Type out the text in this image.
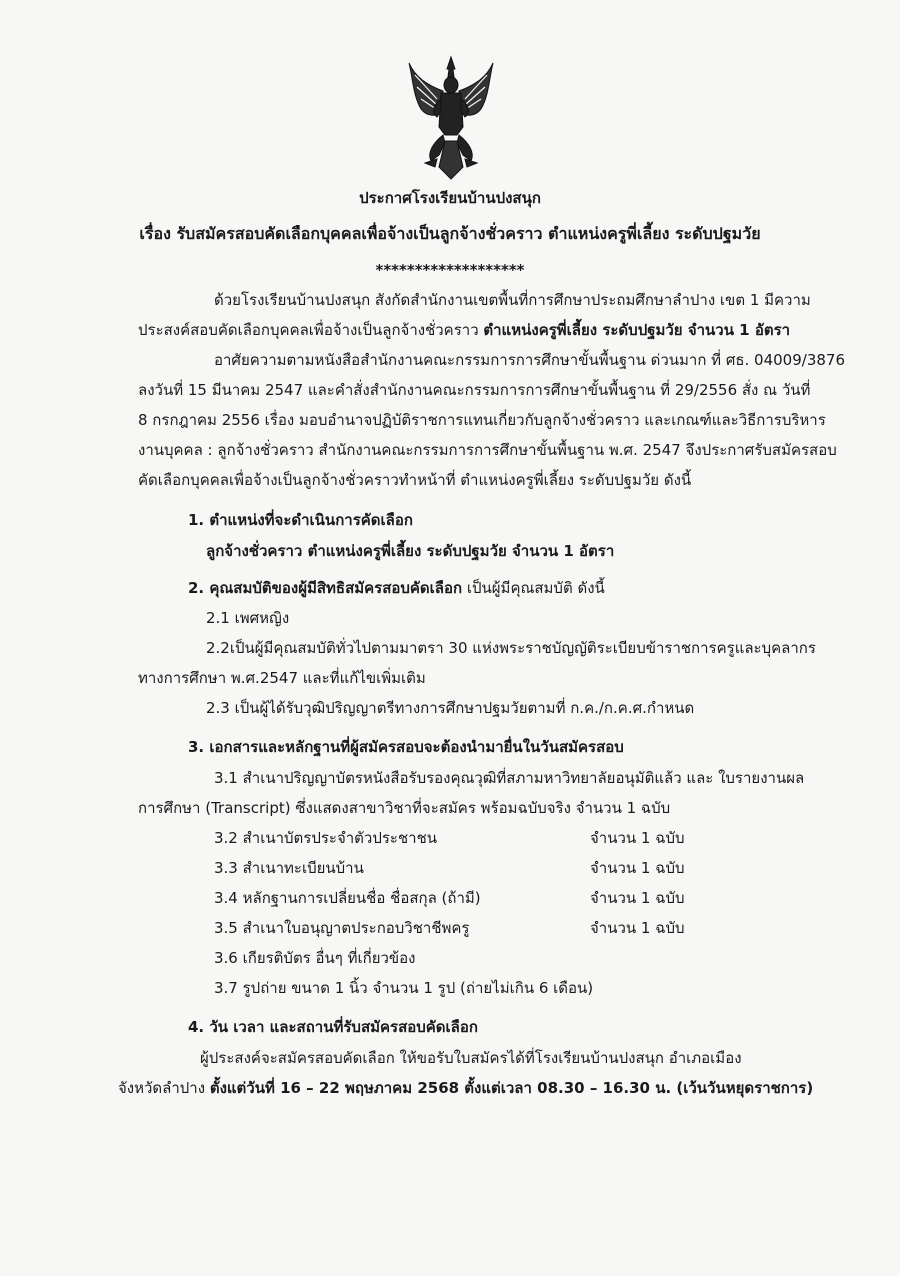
ประกาศโรงเรียนบ้านปงสนุก
เรื่อง รับสมัครสอบคัดเลือกบุคคลเพื่อจ้างเป็นลูกจ้างชั่วคราว ตำแหน่งครูพี่เลี้ยง ระดับปฐมวัย
*******************
ด้วยโรงเรียนบ้านปงสนุก สังกัดสำนักงานเขตพื้นที่การศึกษาประถมศึกษาลำปาง เขต 1 มีความ
ประสงค์สอบคัดเลือกบุคคลเพื่อจ้างเป็นลูกจ้างชั่วคราว ตำแหน่งครูพี่เลี้ยง ระดับปฐมวัย จำนวน 1 อัตรา
อาศัยความตามหนังสือสำนักงานคณะกรรมการการศึกษาขั้นพื้นฐาน ด่วนมาก ที่ ศธ. 04009/3876
ลงวันที่ 15 มีนาคม 2547 และคำสั่งสำนักงานคณะกรรมการการศึกษาขั้นพื้นฐาน ที่ 29/2556 สั่ง ณ วันที่
8 กรกฎาคม 2556 เรื่อง มอบอำนาจปฏิบัติราชการแทนเกี่ยวกับลูกจ้างชั่วคราว และเกณฑ์และวิธีการบริหาร
งานบุคคล : ลูกจ้างชั่วคราว สำนักงานคณะกรรมการการศึกษาขั้นพื้นฐาน พ.ศ. 2547 จึงประกาศรับสมัครสอบ
คัดเลือกบุคคลเพื่อจ้างเป็นลูกจ้างชั่วคราวทำหน้าที่ ตำแหน่งครูพี่เลี้ยง ระดับปฐมวัย ดังนี้
1. ตำแหน่งที่จะดำเนินการคัดเลือก
ลูกจ้างชั่วคราว ตำแหน่งครูพี่เลี้ยง ระดับปฐมวัย จำนวน 1 อัตรา
2. คุณสมบัติของผู้มีสิทธิสมัครสอบคัดเลือก เป็นผู้มีคุณสมบัติ ดังนี้
2.1 เพศหญิง
2.2เป็นผู้มีคุณสมบัติทั่วไปตามมาตรา 30 แห่งพระราชบัญญัติระเบียบข้าราชการครูและบุคลากร
ทางการศึกษา พ.ศ.2547 และที่แก้ไขเพิ่มเติม
2.3 เป็นผู้ได้รับวุฒิปริญญาตรีทางการศึกษาปฐมวัยตามที่ ก.ค./ก.ค.ศ.กำหนด
3. เอกสารและหลักฐานที่ผู้สมัครสอบจะต้องนำมายื่นในวันสมัครสอบ
3.1 สำเนาปริญญาบัตรหนังสือรับรองคุณวุฒิที่สภามหาวิทยาลัยอนุมัติแล้ว และ ใบรายงานผล
การศึกษา (Transcript) ซึ่งแสดงสาขาวิชาที่จะสมัคร พร้อมฉบับจริง จำนวน 1 ฉบับ
3.2 สำเนาบัตรประจำตัวประชาชน	จำนวน 1 ฉบับ
3.3 สำเนาทะเบียนบ้าน	จำนวน 1 ฉบับ
3.4 หลักฐานการเปลี่ยนชื่อ ชื่อสกุล (ถ้ามี)	จำนวน 1 ฉบับ
3.5 สำเนาใบอนุญาตประกอบวิชาชีพครู	จำนวน 1 ฉบับ
3.6 เกียรติบัตร อื่นๆ ที่เกี่ยวข้อง
3.7 รูปถ่าย ขนาด 1 นิ้ว จำนวน 1 รูป (ถ่ายไม่เกิน 6 เดือน)
4. วัน เวลา และสถานที่รับสมัครสอบคัดเลือก
ผู้ประสงค์จะสมัครสอบคัดเลือก ให้ขอรับใบสมัครได้ที่โรงเรียนบ้านปงสนุก อำเภอเมือง
จังหวัดลำปาง ตั้งแต่วันที่ 16 – 22 พฤษภาคม 2568 ตั้งแต่เวลา 08.30 – 16.30 น. (เว้นวันหยุดราชการ)
